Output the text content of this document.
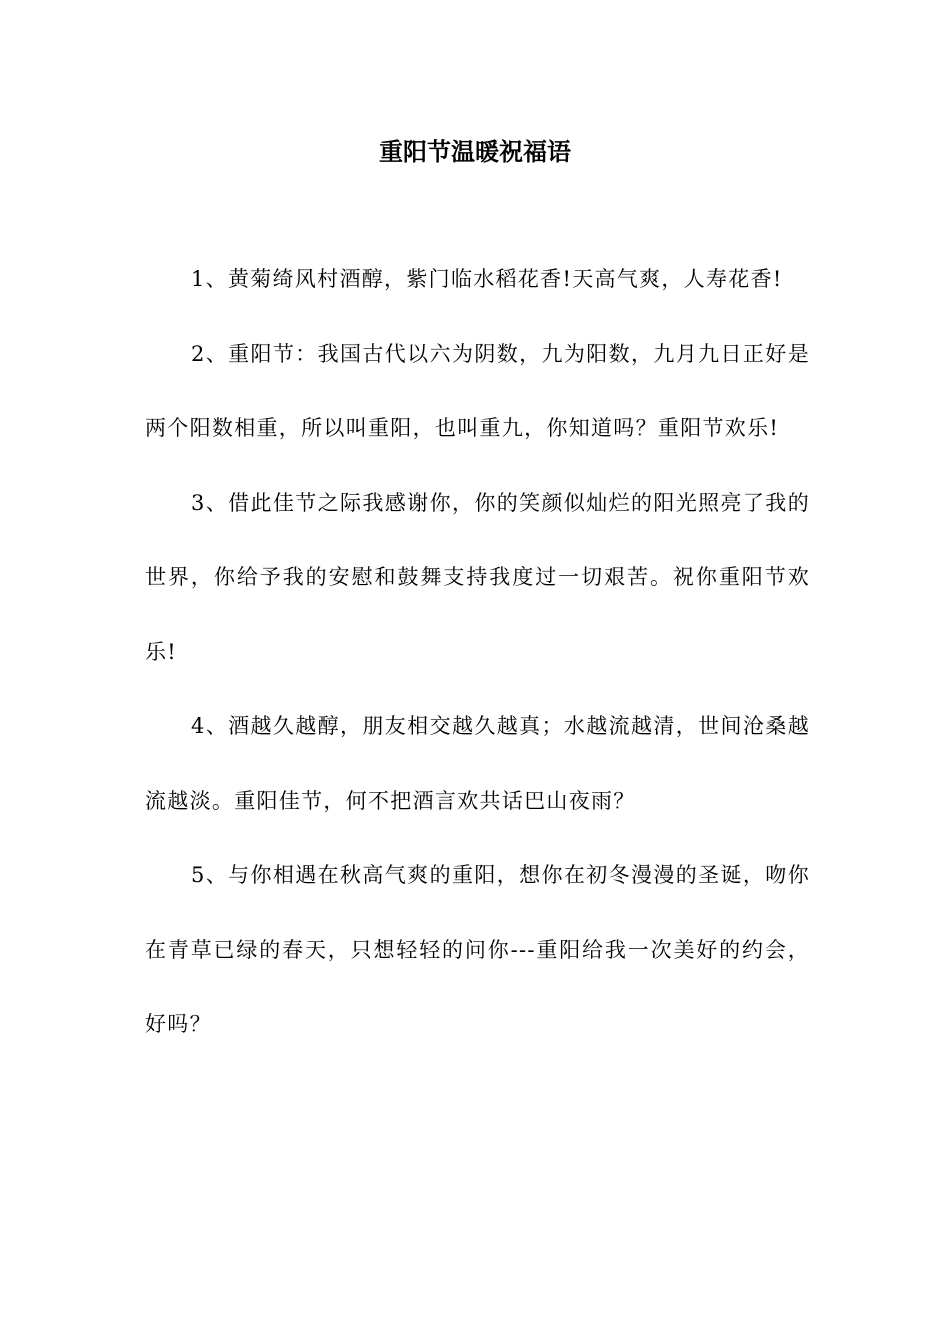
重阳节温暖祝福语

1、黄菊绮风村酒醇，紫门临水稻花香!天高气爽，人寿花香!

2、重阳节：我国古代以六为阴数，九为阳数，九月九日正好是两个阳数相重，所以叫重阳，也叫重九，你知道吗？重阳节欢乐!

3、借此佳节之际我感谢你，你的笑颜似灿烂的阳光照亮了我的世界，你给予我的安慰和鼓舞支持我度过一切艰苦。祝你重阳节欢乐!

4、酒越久越醇，朋友相交越久越真；水越流越清，世间沧桑越流越淡。重阳佳节，何不把酒言欢共话巴山夜雨？

5、与你相遇在秋高气爽的重阳，想你在初冬漫漫的圣诞，吻你在青草已绿的春天，只想轻轻的问你---重阳给我一次美好的约会，好吗？
